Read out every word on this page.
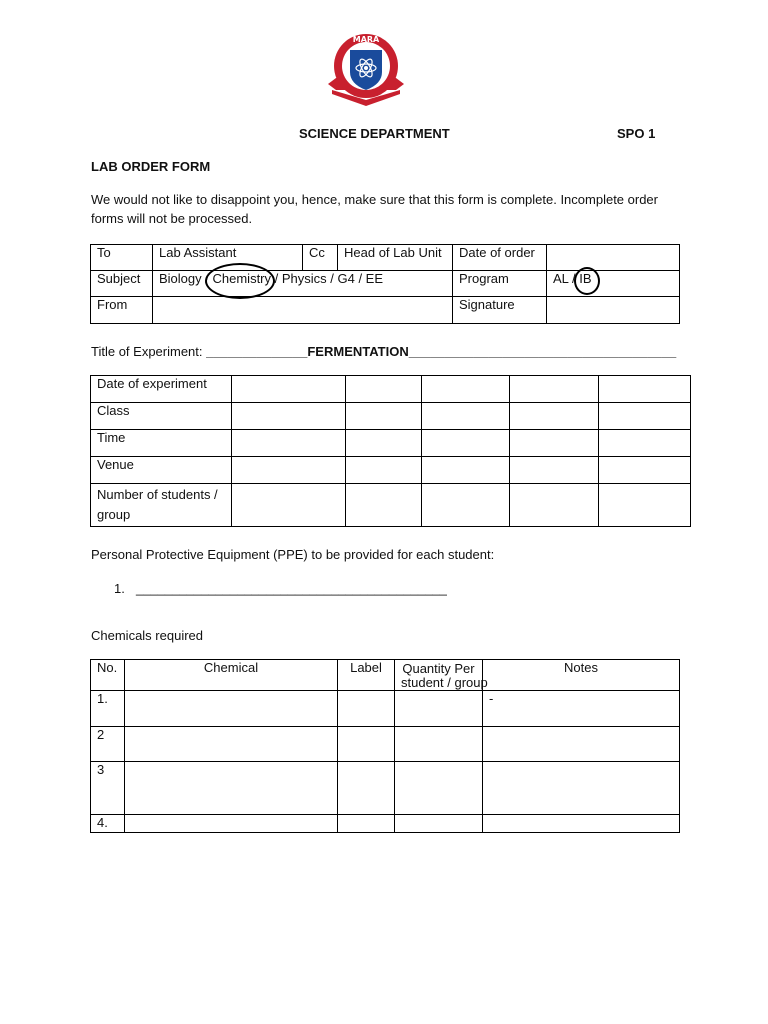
MARA
SCIENCE DEPARTMENT	SPO 1
LAB ORDER FORM
We would not like to disappoint you, hence, make sure that this form is complete. Incomplete order
forms will not be processed.
To	Lab Assistant	Cc	Head of Lab Unit	Date of order	
Subject	Biology / Chemistry / Physics / G4 / EE			Program	AL / IB
From				Signature	
Title of Experiment: ______________FERMENTATION_____________________________________
Date of experiment					
Class					
Time					
Venue					

Number of students /
group					

Personal Protective Equipment (PPE) to be provided for each student:
1. ___________________________________________
Chemicals required
No.	Chemical	Label	Quantity Per
student / group	Notes
1.				-
2				
3				
4.				
